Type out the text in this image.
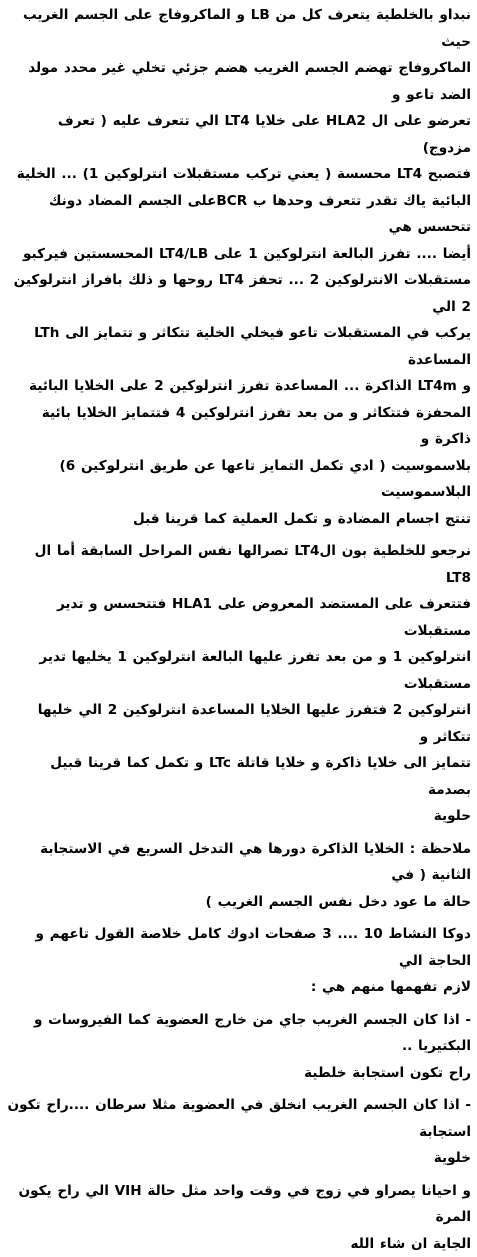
نبداو بالخلطية يتعرف كل من LB و الماكروفاج على الجسم الغريب حيث
الماكروفاج تهضم الجسم الغريب هضم جزئي تخلي غير محدد مولد الضد تاعو و
تعرضو على ال HLA2 على خلايا LT4 الي تتعرف عليه ( تعرف مزدوج)
فتصبح LT4 محسسة ( يعني تركب مستقبلات انترلوكين 1) ... الخلية
البائية ياك تقدر تتعرف وحدها ب BCRعلى الجسم المضاد دونك تتحسس هي
أيضا .... تفرز البالعة انترلوكين 1 على LT4/LB المحسستين فيركبو
مستقبلات الانترلوكين 2 ... تحفز LT4 روحها و ذلك بافراز انترلوكين 2 الي
يركب في المستقبلات تاعو فيخلي الخلية تتكاثر و تتمايز الى LTh المساعدة
و LT4m الذاكرة ... المساعدة تفرز انترلوكين 2 على الخلايا البائية
المحفزة فتتكاثر و من بعد تفرز انترلوكين 4 فتتمايز الخلايا بائية ذاكرة و
بلاسموسيت ( ادي تكمل التمايز تاعها عن طريق انترلوكين 6) البلاسموسيت
تنتج اجسام المضادة و تكمل العملية كما قرينا قبل

نرجعو للخلطية بون الLT4 تصرالها نفس المراحل السابقة أما ال LT8
فتتعرف على المستضد المعروض على HLA1 فتتحسس و تدير مستقبلات
انترلوكين 1 و من بعد تفرز عليها البالعة انترلوكين 1 يخليها تدير مستقبلات
انترلوكين 2 فتفرز عليها الخلايا المساعدة انترلوكين 2 الي خليها تتكاثر و
تتمايز الى خلايا ذاكرة و خلايا قاتلة LTc و تكمل كما قرينا قبيل بصدمة
حلوية

ملاحظة : الخلايا الذاكرة دورها هي التدخل السريع في الاستجابة الثانية ( في
حالة ما عود دخل نفس الجسم الغريب )

دوكا النشاط 10 .... 3 صفحات ادوك كامل خلاصة القول تاعهم و الحاجة الي
لازم تفهمها منهم هي :

- اذا كان الجسم الغريب جاي من خارج العضوية كما الفيروسات و البكتيريا ..
راح تكون استجابة خلطية

- اذا كان الجسم الغريب انخلق في العضوية مثلا سرطان ....راح تكون استجابة
خلوية

و احيانا يصراو في زوج في وقت واحد مثل حالة VIH الي راح يكون المرة
الجاية ان شاء الله
